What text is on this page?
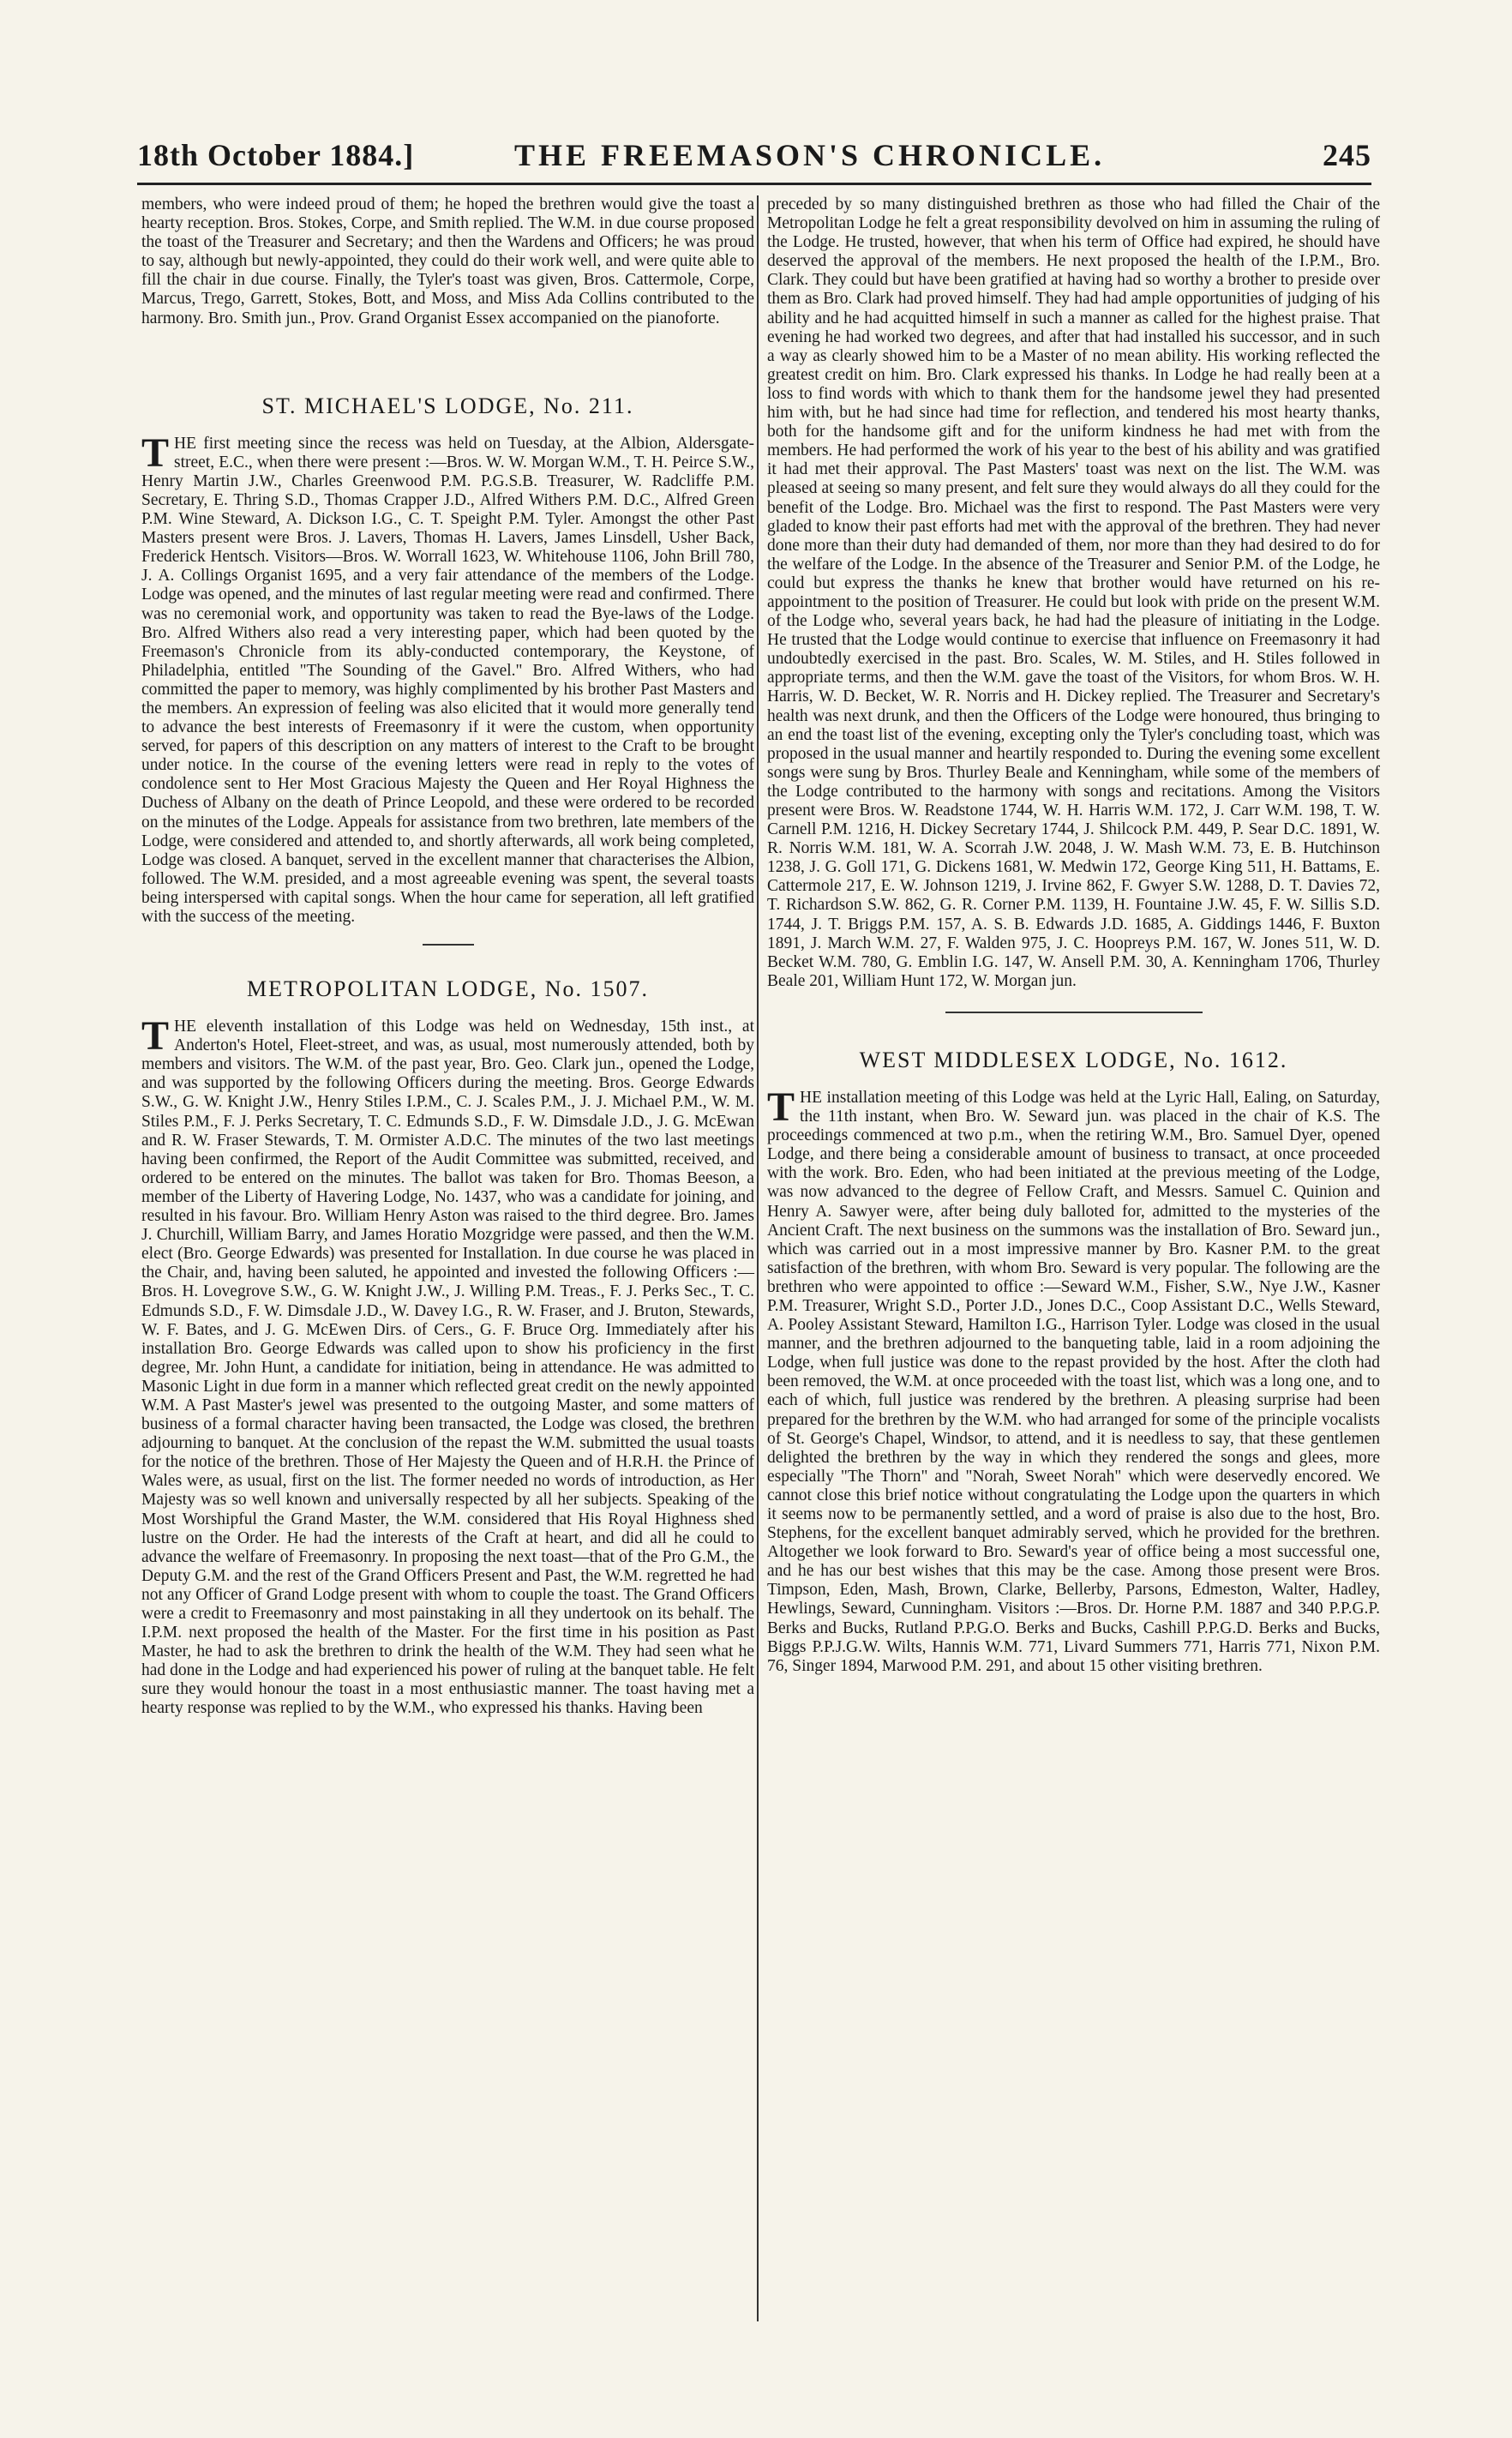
18th October 1884.]	THE FREEMASON'S CHRONICLE.	245

members, who were indeed proud of them; he hoped the brethren would give the toast a hearty reception. Bros. Stokes, Corpe, and Smith replied. The W.M. in due course proposed the toast of the Treasurer and Secretary; and then the Wardens and Officers; he was proud to say, although but newly-appointed, they could do their work well, and were quite able to fill the chair in due course. Finally, the Tyler's toast was given, Bros. Cattermole, Corpe, Marcus, Trego, Garrett, Stokes, Bott, and Moss, and Miss Ada Collins contributed to the harmony. Bro. Smith jun., Prov. Grand Organist Essex accompanied on the pianoforte.

ST. MICHAEL'S LODGE, No. 211.

T HE first meeting since the recess was held on Tuesday, at the Albion, Aldersgate-street, E.C., when there were present :—Bros. W. W. Morgan W.M., T. H. Peirce S.W., Henry Martin J.W., Charles Greenwood P.M. P.G.S.B. Treasurer, W. Radcliffe P.M. Secretary, E. Thring S.D., Thomas Crapper J.D., Alfred Withers P.M. D.C., Alfred Green P.M. Wine Steward, A. Dickson I.G., C. T. Speight P.M. Tyler. Amongst the other Past Masters present were Bros. J. Lavers, Thomas H. Lavers, James Linsdell, Usher Back, Frederick Hentsch. Visitors—Bros. W. Worrall 1623, W. Whitehouse 1106, John Brill 780, J. A. Collings Organist 1695, and a very fair attendance of the members of the Lodge. Lodge was opened, and the minutes of last regular meeting were read and confirmed. There was no ceremonial work, and opportunity was taken to read the Bye-laws of the Lodge. Bro. Alfred Withers also read a very interesting paper, which had been quoted by the Freemason's Chronicle from its ably-conducted contemporary, the Keystone, of Philadelphia, entitled "The Sounding of the Gavel." Bro. Alfred Withers, who had committed the paper to memory, was highly complimented by his brother Past Masters and the members. An expression of feeling was also elicited that it would more generally tend to advance the best interests of Freemasonry if it were the custom, when opportunity served, for papers of this description on any matters of interest to the Craft to be brought under notice. In the course of the evening letters were read in reply to the votes of condolence sent to Her Most Gracious Majesty the Queen and Her Royal Highness the Duchess of Albany on the death of Prince Leopold, and these were ordered to be recorded on the minutes of the Lodge. Appeals for assistance from two brethren, late members of the Lodge, were considered and attended to, and shortly afterwards, all work being completed, Lodge was closed. A banquet, served in the excellent manner that characterises the Albion, followed. The W.M. presided, and a most agreeable evening was spent, the several toasts being interspersed with capital songs. When the hour came for seperation, all left gratified with the success of the meeting.

METROPOLITAN LODGE, No. 1507.

T HE eleventh installation of this Lodge was held on Wednesday, 15th inst., at Anderton's Hotel, Fleet-street, and was, as usual, most numerously attended, both by members and visitors. The W.M. of the past year, Bro. Geo. Clark jun., opened the Lodge, and was supported by the following Officers during the meeting. Bros. George Edwards S.W., G. W. Knight J.W., Henry Stiles I.P.M., C. J. Scales P.M., J. J. Michael P.M., W. M. Stiles P.M., F. J. Perks Secretary, T. C. Edmunds S.D., F. W. Dimsdale J.D., J. G. McEwan and R. W. Fraser Stewards, T. M. Ormister A.D.C. The minutes of the two last meetings having been confirmed, the Report of the Audit Committee was submitted, received, and ordered to be entered on the minutes. The ballot was taken for Bro. Thomas Beeson, a member of the Liberty of Havering Lodge, No. 1437, who was a candidate for joining, and resulted in his favour. Bro. William Henry Aston was raised to the third degree. Bro. James J. Churchill, William Barry, and James Horatio Mozgridge were passed, and then the W.M. elect (Bro. George Edwards) was presented for Installation. In due course he was placed in the Chair, and, having been saluted, he appointed and invested the following Officers :—Bros. H. Lovegrove S.W., G. W. Knight J.W., J. Willing P.M. Treas., F. J. Perks Sec., T. C. Edmunds S.D., F. W. Dimsdale J.D., W. Davey I.G., R. W. Fraser, and J. Bruton, Stewards, W. F. Bates, and J. G. McEwen Dirs. of Cers., G. F. Bruce Org. Immediately after his installation Bro. George Edwards was called upon to show his proficiency in the first degree, Mr. John Hunt, a candidate for initiation, being in attendance. He was admitted to Masonic Light in due form in a manner which reflected great credit on the newly appointed W.M. A Past Master's jewel was presented to the outgoing Master, and some matters of business of a formal character having been transacted, the Lodge was closed, the brethren adjourning to banquet. At the conclusion of the repast the W.M. submitted the usual toasts for the notice of the brethren. Those of Her Majesty the Queen and of H.R.H. the Prince of Wales were, as usual, first on the list. The former needed no words of introduction, as Her Majesty was so well known and universally respected by all her subjects. Speaking of the Most Worshipful the Grand Master, the W.M. considered that His Royal Highness shed lustre on the Order. He had the interests of the Craft at heart, and did all he could to advance the welfare of Freemasonry. In proposing the next toast—that of the Pro G.M., the Deputy G.M. and the rest of the Grand Officers Present and Past, the W.M. regretted he had not any Officer of Grand Lodge present with whom to couple the toast. The Grand Officers were a credit to Freemasonry and most painstaking in all they undertook on its behalf. The I.P.M. next proposed the health of the Master. For the first time in his position as Past Master, he had to ask the brethren to drink the health of the W.M. They had seen what he had done in the Lodge and had experienced his power of ruling at the banquet table. He felt sure they would honour the toast in a most enthusiastic manner. The toast having met a hearty response was replied to by the W.M., who expressed his thanks. Having been

preceded by so many distinguished brethren as those who had filled the Chair of the Metropolitan Lodge he felt a great responsibility devolved on him in assuming the ruling of the Lodge. He trusted, however, that when his term of Office had expired, he should have deserved the approval of the members. He next proposed the health of the I.P.M., Bro. Clark. They could but have been gratified at having had so worthy a brother to preside over them as Bro. Clark had proved himself. They had had ample opportunities of judging of his ability and he had acquitted himself in such a manner as called for the highest praise. That evening he had worked two degrees, and after that had installed his successor, and in such a way as clearly showed him to be a Master of no mean ability. His working reflected the greatest credit on him. Bro. Clark expressed his thanks. In Lodge he had really been at a loss to find words with which to thank them for the handsome jewel they had presented him with, but he had since had time for reflection, and tendered his most hearty thanks, both for the handsome gift and for the uniform kindness he had met with from the members. He had performed the work of his year to the best of his ability and was gratified it had met their approval. The Past Masters' toast was next on the list. The W.M. was pleased at seeing so many present, and felt sure they would always do all they could for the benefit of the Lodge. Bro. Michael was the first to respond. The Past Masters were very gladed to know their past efforts had met with the approval of the brethren. They had never done more than their duty had demanded of them, nor more than they had desired to do for the welfare of the Lodge. In the absence of the Treasurer and Senior P.M. of the Lodge, he could but express the thanks he knew that brother would have returned on his re-appointment to the position of Treasurer. He could but look with pride on the present W.M. of the Lodge who, several years back, he had had the pleasure of initiating in the Lodge. He trusted that the Lodge would continue to exercise that influence on Freemasonry it had undoubtedly exercised in the past. Bro. Scales, W. M. Stiles, and H. Stiles followed in appropriate terms, and then the W.M. gave the toast of the Visitors, for whom Bros. W. H. Harris, W. D. Becket, W. R. Norris and H. Dickey replied. The Treasurer and Secretary's health was next drunk, and then the Officers of the Lodge were honoured, thus bringing to an end the toast list of the evening, excepting only the Tyler's concluding toast, which was proposed in the usual manner and heartily responded to. During the evening some excellent songs were sung by Bros. Thurley Beale and Kenningham, while some of the members of the Lodge contributed to the harmony with songs and recitations. Among the Visitors present were Bros. W. Readstone 1744, W. H. Harris W.M. 172, J. Carr W.M. 198, T. W. Carnell P.M. 1216, H. Dickey Secretary 1744, J. Shilcock P.M. 449, P. Sear D.C. 1891, W. R. Norris W.M. 181, W. A. Scorrah J.W. 2048, J. W. Mash W.M. 73, E. B. Hutchinson 1238, J. G. Goll 171, G. Dickens 1681, W. Medwin 172, George King 511, H. Battams, E. Cattermole 217, E. W. Johnson 1219, J. Irvine 862, F. Gwyer S.W. 1288, D. T. Davies 72, T. Richardson S.W. 862, G. R. Corner P.M. 1139, H. Fountaine J.W. 45, F. W. Sillis S.D. 1744, J. T. Briggs P.M. 157, A. S. B. Edwards J.D. 1685, A. Giddings 1446, F. Buxton 1891, J. March W.M. 27, F. Walden 975, J. C. Hoopreys P.M. 167, W. Jones 511, W. D. Becket W.M. 780, G. Emblin I.G. 147, W. Ansell P.M. 30, A. Kenningham 1706, Thurley Beale 201, William Hunt 172, W. Morgan jun.

WEST MIDDLESEX LODGE, No. 1612.

T HE installation meeting of this Lodge was held at the Lyric Hall, Ealing, on Saturday, the 11th instant, when Bro. W. Seward jun. was placed in the chair of K.S. The proceedings commenced at two p.m., when the retiring W.M., Bro. Samuel Dyer, opened Lodge, and there being a considerable amount of business to transact, at once proceeded with the work. Bro. Eden, who had been initiated at the previous meeting of the Lodge, was now advanced to the degree of Fellow Craft, and Messrs. Samuel C. Quinion and Henry A. Sawyer were, after being duly balloted for, admitted to the mysteries of the Ancient Craft. The next business on the summons was the installation of Bro. Seward jun., which was carried out in a most impressive manner by Bro. Kasner P.M. to the great satisfaction of the brethren, with whom Bro. Seward is very popular. The following are the brethren who were appointed to office :—Seward W.M., Fisher, S.W., Nye J.W., Kasner P.M. Treasurer, Wright S.D., Porter J.D., Jones D.C., Coop Assistant D.C., Wells Steward, A. Pooley Assistant Steward, Hamilton I.G., Harrison Tyler. Lodge was closed in the usual manner, and the brethren adjourned to the banqueting table, laid in a room adjoining the Lodge, when full justice was done to the repast provided by the host. After the cloth had been removed, the W.M. at once proceeded with the toast list, which was a long one, and to each of which, full justice was rendered by the brethren. A pleasing surprise had been prepared for the brethren by the W.M. who had arranged for some of the principle vocalists of St. George's Chapel, Windsor, to attend, and it is needless to say, that these gentlemen delighted the brethren by the way in which they rendered the songs and glees, more especially "The Thorn" and "Norah, Sweet Norah" which were deservedly encored. We cannot close this brief notice without congratulating the Lodge upon the quarters in which it seems now to be permanently settled, and a word of praise is also due to the host, Bro. Stephens, for the excellent banquet admirably served, which he provided for the brethren. Altogether we look forward to Bro. Seward's year of office being a most successful one, and he has our best wishes that this may be the case. Among those present were Bros. Timpson, Eden, Mash, Brown, Clarke, Bellerby, Parsons, Edmeston, Walter, Hadley, Hewlings, Seward, Cunningham. Visitors :—Bros. Dr. Horne P.M. 1887 and 340 P.P.G.P. Berks and Bucks, Rutland P.P.G.O. Berks and Bucks, Cashill P.P.G.D. Berks and Bucks, Biggs P.P.J.G.W. Wilts, Hannis W.M. 771, Livard Summers 771, Harris 771, Nixon P.M. 76, Singer 1894, Marwood P.M. 291, and about 15 other visiting brethren.
